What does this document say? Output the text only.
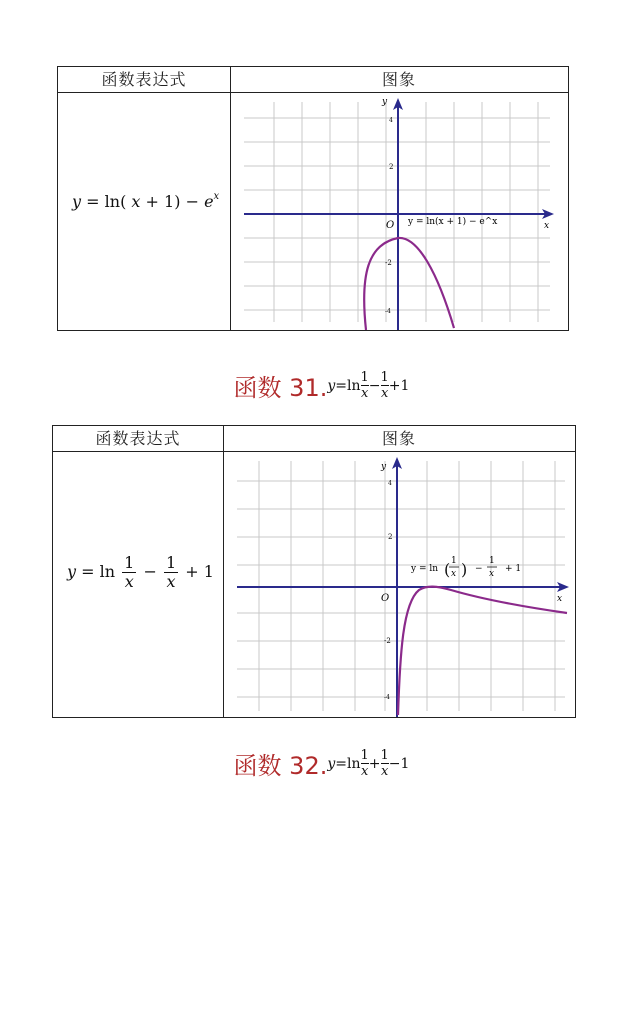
函数表达式	图象
y = ln( $x + 1) - e^x$
y
x
O
4
2
-2
-4
y = ln(x + 1) − e^x
函数 $31.y=\ln \frac{1}{x} - \frac{1}{x} +1$
函数表达式	图象
$y = \ln \frac{1}{x} - \frac{1}{x} + 1$
y
x
O
4
2
-2
-4
y = ln ( 1
x ) −
1
x + 1
函数 $32.y=\ln \frac{1}{x} + \frac{1}{x} -1$
